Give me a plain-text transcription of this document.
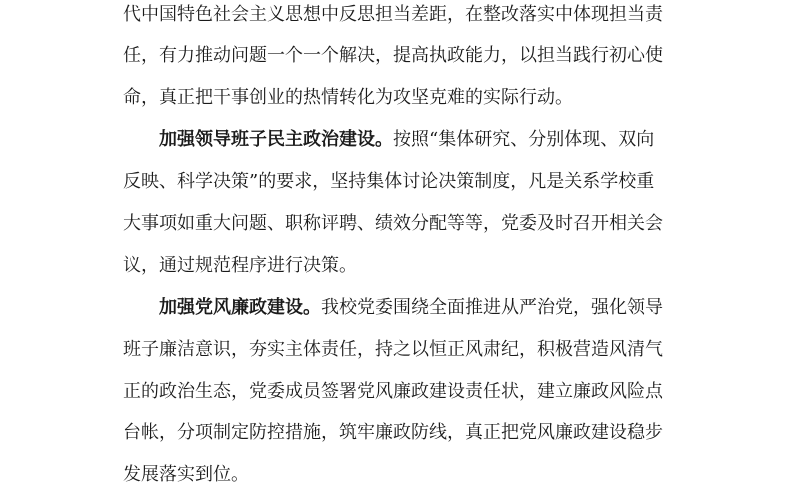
代中国特色社会主义思想中反思担当差距，在整改落实中体现担当责
任，有力推动问题一个一个解决，提高执政能力，以担当践行初心使
命，真正把干事创业的热情转化为攻坚克难的实际行动。
加强领导班子民主政治建设。按照“集体研究、分别体现、双向
反映、科学决策”的要求，坚持集体讨论决策制度，凡是关系学校重
大事项如重大问题、职称评聘、绩效分配等等，党委及时召开相关会
议，通过规范程序进行决策。
加强党风廉政建设。我校党委围绕全面推进从严治党，强化领导
班子廉洁意识，夯实主体责任，持之以恒正风肃纪，积极营造风清气
正的政治生态，党委成员签署党风廉政建设责任状，建立廉政风险点
台帐，分项制定防控措施，筑牢廉政防线，真正把党风廉政建设稳步
发展落实到位。
